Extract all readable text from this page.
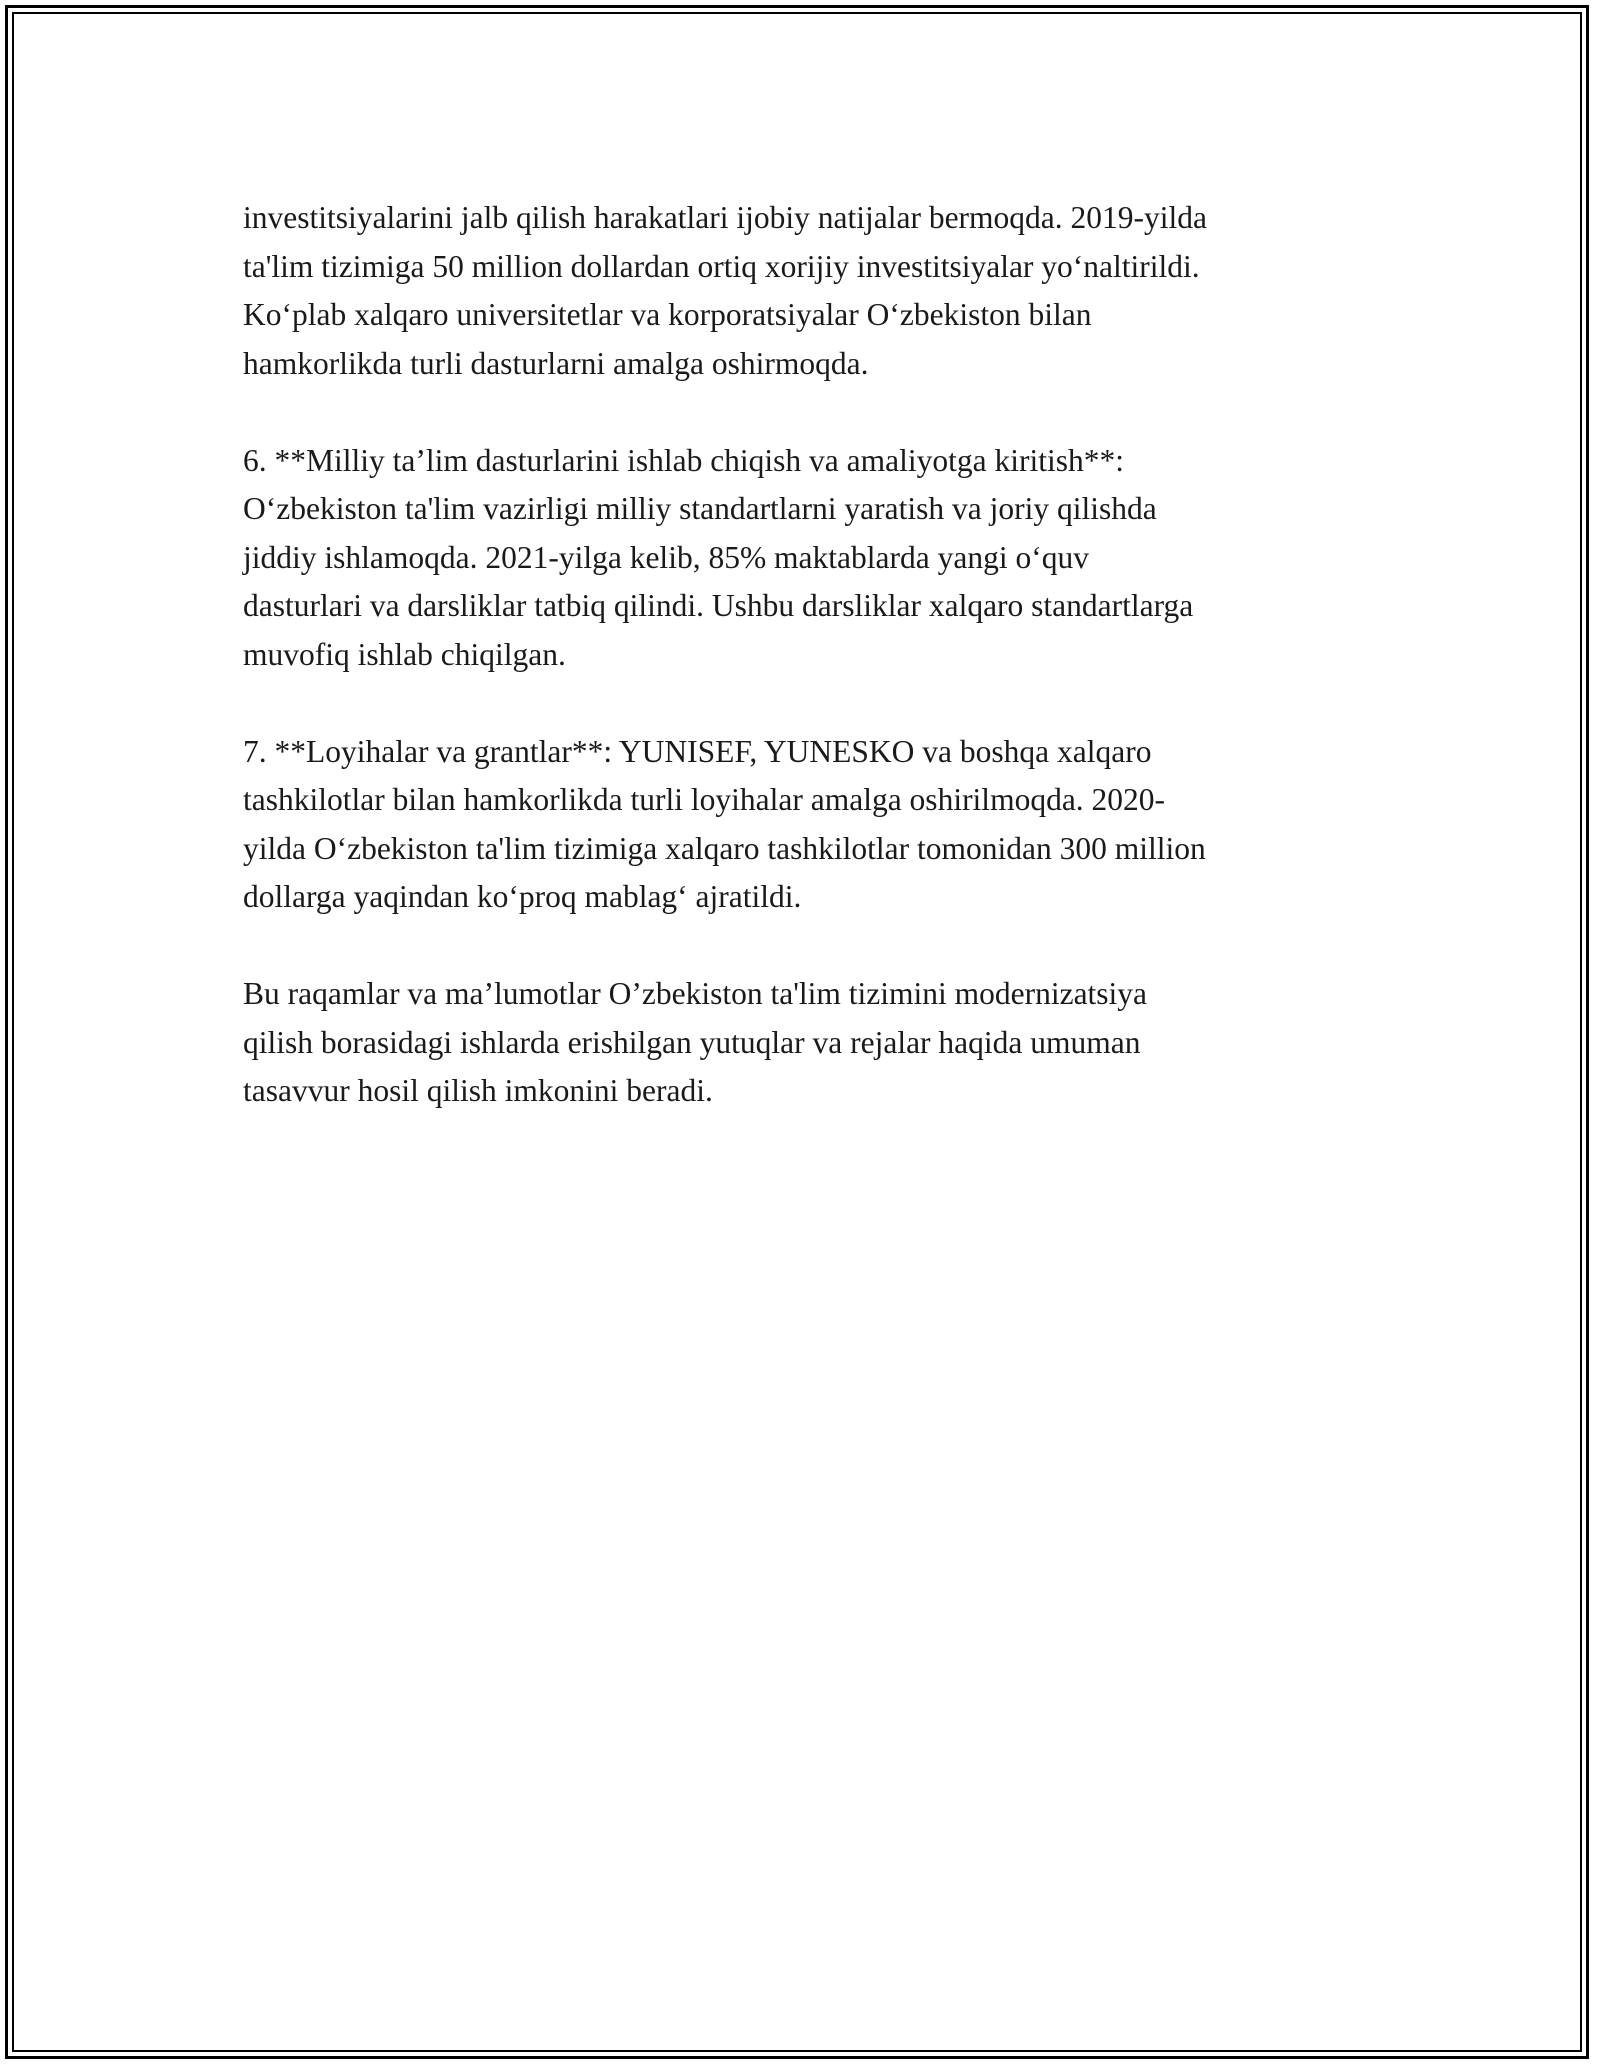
investitsiyalarini jalb qilish harakatlari ijobiy natijalar bermoqda. 2019-yilda
ta'lim tizimiga 50 million dollardan ortiq xorijiy investitsiyalar yo‘naltirildi.
Ko‘plab xalqaro universitetlar va korporatsiyalar O‘zbekiston bilan
hamkorlikda turli dasturlarni amalga oshirmoqda.

6. **Milliy ta’lim dasturlarini ishlab chiqish va amaliyotga kiritish**:
O‘zbekiston ta'lim vazirligi milliy standartlarni yaratish va joriy qilishda
jiddiy ishlamoqda. 2021-yilga kelib, 85% maktablarda yangi o‘quv
dasturlari va darsliklar tatbiq qilindi. Ushbu darsliklar xalqaro standartlarga
muvofiq ishlab chiqilgan.

7. **Loyihalar va grantlar**: YUNISEF, YUNESKO va boshqa xalqaro
tashkilotlar bilan hamkorlikda turli loyihalar amalga oshirilmoqda. 2020-
yilda O‘zbekiston ta'lim tizimiga xalqaro tashkilotlar tomonidan 300 million
dollarga yaqindan ko‘proq mablag‘ ajratildi.

Bu raqamlar va ma’lumotlar O’zbekiston ta'lim tizimini modernizatsiya
qilish borasidagi ishlarda erishilgan yutuqlar va rejalar haqida umuman
tasavvur hosil qilish imkonini beradi.
